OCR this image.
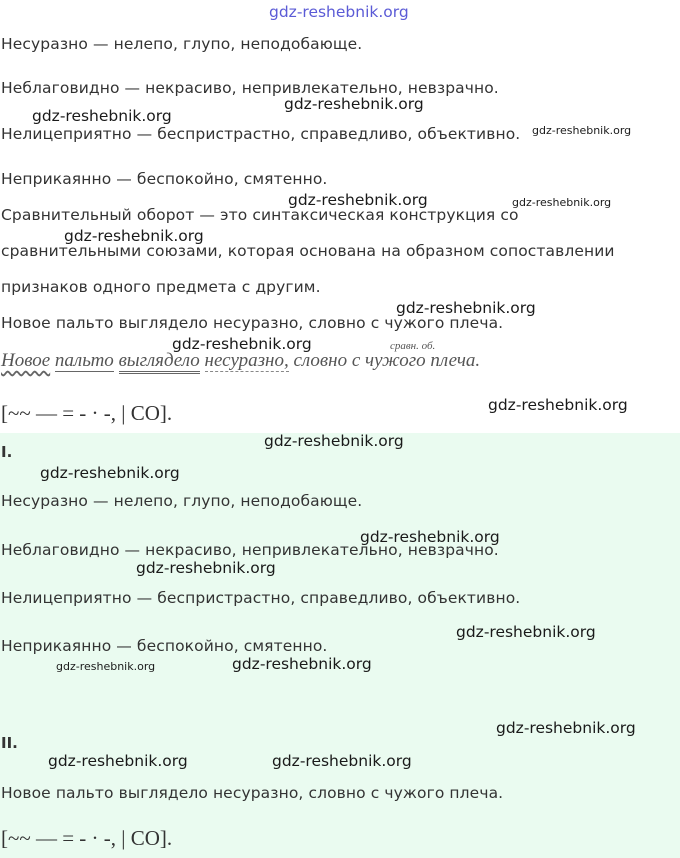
gdz-reshebnik.org
Несуразно — нелепо, глупо, неподобающе.
Неблаговидно — некрасиво, непривлекательно, невзрачно.
gdz-reshebnik.org
gdz-reshebnik.org
Нелицеприятно — беспристрастно, справедливо, объективно. gdz-reshebnik.org
Неприкаянно — беспокойно, смятенно.
gdz-reshebnik.org	gdz-reshebnik.org
Сравнительный оборот — это синтаксическая конструкция со
gdz-reshebnik.org
сравнительными союзами, которая основана на образном сопоставлении
признаков одного предмета с другим.
gdz-reshebnik.org
Новое пальто выглядело несуразно, словно с чужого плеча.
gdz-reshebnik.org	сравн. об.
Новое пальто выглядело несуразно, словно с чужого плеча.
[~~ — = - · -, | СО].	gdz-reshebnik.org
gdz-reshebnik.org
I.
gdz-reshebnik.org
Несуразно — нелепо, глупо, неподобающе.
gdz-reshebnik.org
Неблаговидно — некрасиво, непривлекательно, невзрачно.
gdz-reshebnik.org
Нелицеприятно — беспристрастно, справедливо, объективно.
gdz-reshebnik.org
Неприкаянно — беспокойно, смятенно.
gdz-reshebnik.org	gdz-reshebnik.org
gdz-reshebnik.org
II.
gdz-reshebnik.org	gdz-reshebnik.org
Новое пальто выглядело несуразно, словно с чужого плеча.
[~~ — = - · -, | СО].
